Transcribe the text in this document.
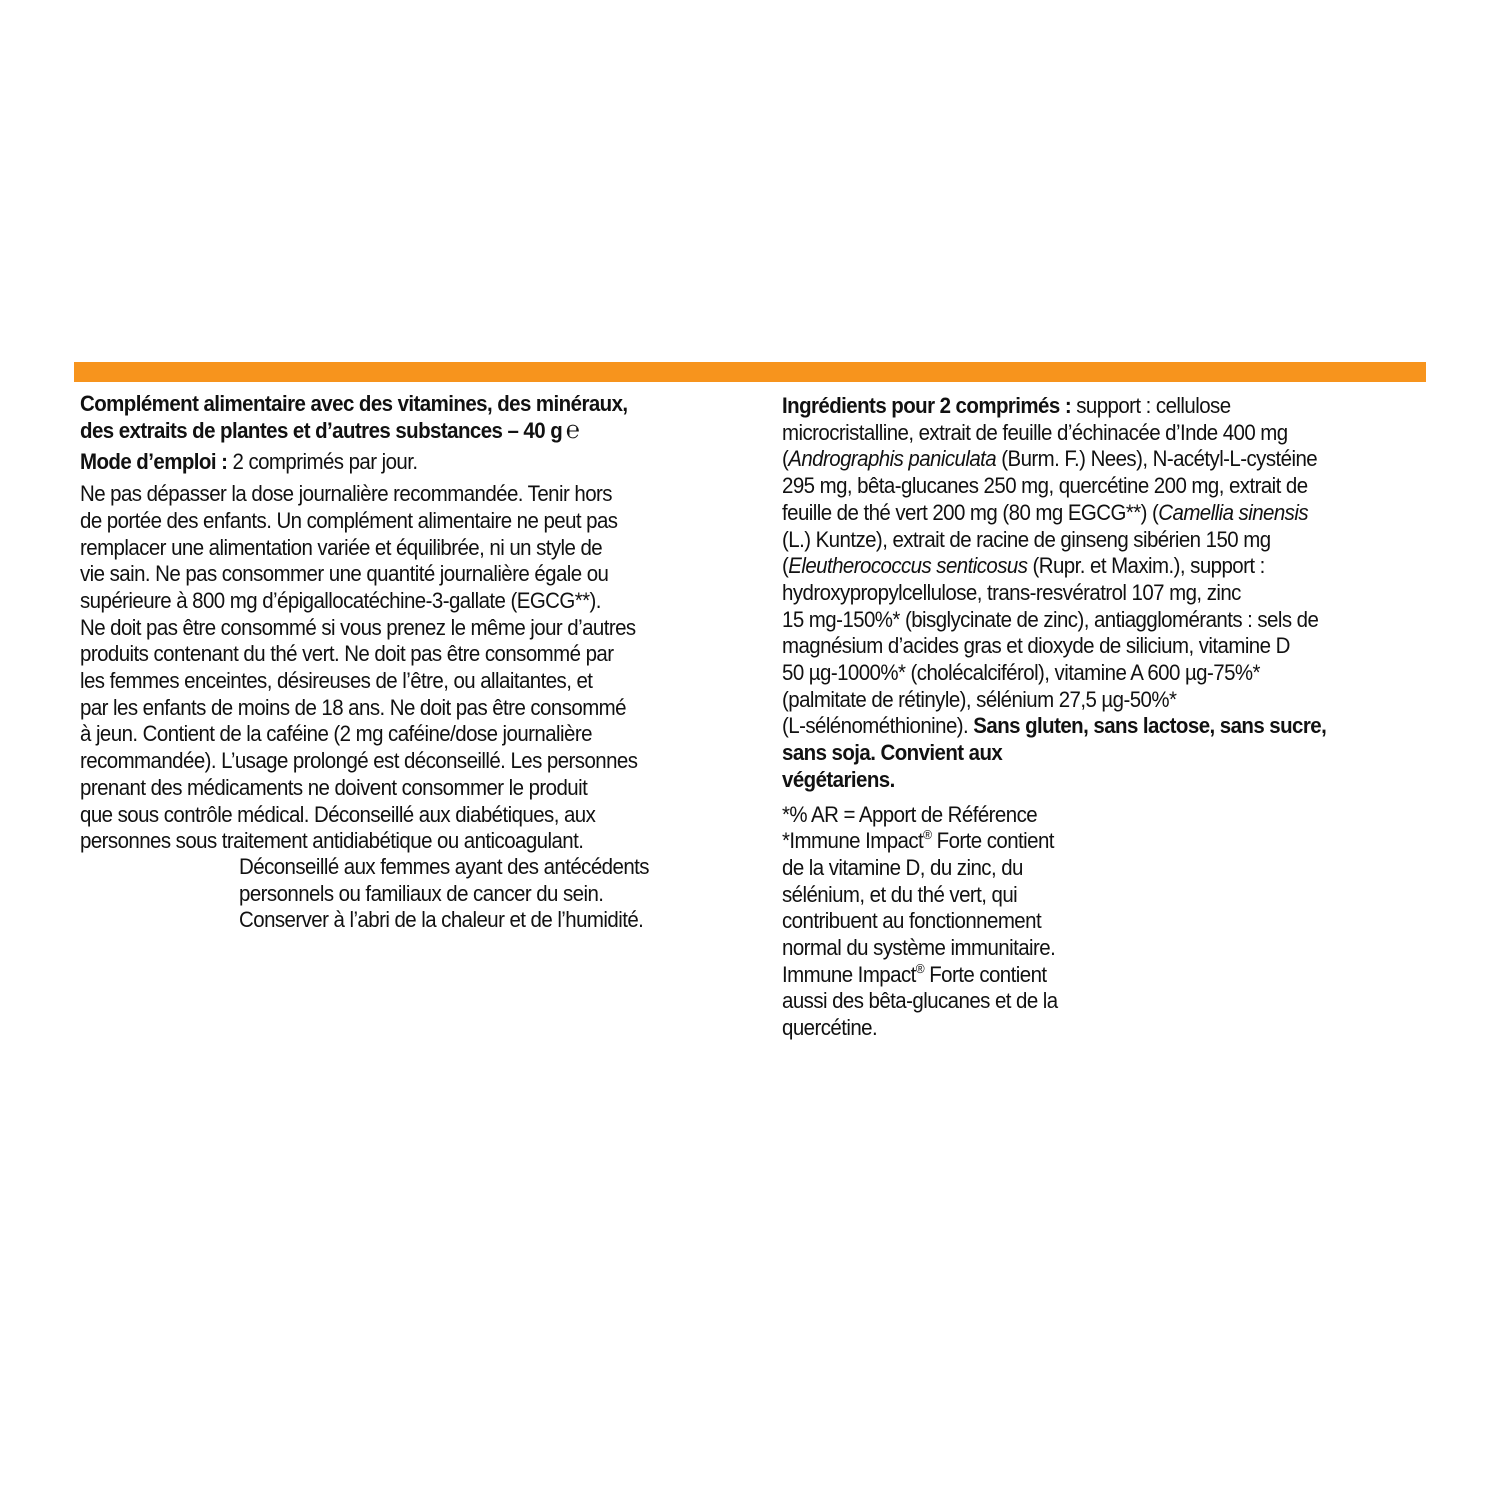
Complément alimentaire avec des vitamines, des minéraux,
des extraits de plantes et d’autres substances – 40 g ℮
Mode d’emploi : 2 comprimés par jour.
Ne pas dépasser la dose journalière recommandée. Tenir hors
de portée des enfants. Un complément alimentaire ne peut pas
remplacer une alimentation variée et équilibrée, ni un style de
vie sain. Ne pas consommer une quantité journalière égale ou
supérieure à 800 mg d’épigallocatéchine-3-gallate (EGCG**).
Ne doit pas être consommé si vous prenez le même jour d’autres
produits contenant du thé vert. Ne doit pas être consommé par
les femmes enceintes, désireuses de l’être, ou allaitantes, et
par les enfants de moins de 18 ans. Ne doit pas être consommé
à jeun. Contient de la caféine (2 mg caféine/dose journalière
recommandée). L’usage prolongé est déconseillé. Les personnes
prenant des médicaments ne doivent consommer le produit
que sous contrôle médical. Déconseillé aux diabétiques, aux
personnes sous traitement antidiabétique ou anticoagulant.
Déconseillé aux femmes ayant des antécédents
personnels ou familiaux de cancer du sein.
Conserver à l’abri de la chaleur et de l’humidité.
Ingrédients pour 2 comprimés : support : cellulose
microcristalline, extrait de feuille d’échinacée d’Inde 400 mg
(Andrographis paniculata (Burm. F.) Nees), N-acétyl-L-cystéine
295 mg, bêta-glucanes 250 mg, quercétine 200 mg, extrait de
feuille de thé vert 200 mg (80 mg EGCG**) (Camellia sinensis
(L.) Kuntze), extrait de racine de ginseng sibérien 150 mg
(Eleutherococcus senticosus (Rupr. et Maxim.), support :
hydroxypropylcellulose, trans-resvératrol 107 mg, zinc
15 mg-150%* (bisglycinate de zinc), antiagglomérants : sels de
magnésium d’acides gras et dioxyde de silicium, vitamine D
50 µg-1000%* (cholécalciférol), vitamine A 600 µg-75%*
(palmitate de rétinyle), sélénium 27,5 µg-50%*
(L-sélénométhionine). Sans gluten, sans lactose, sans sucre,
sans soja. Convient aux
végétariens.
*% AR = Apport de Référence
*Immune Impact® Forte contient
de la vitamine D, du zinc, du
sélénium, et du thé vert, qui
contribuent au fonctionnement
normal du système immunitaire.
Immune Impact® Forte contient
aussi des bêta-glucanes et de la
quercétine.
